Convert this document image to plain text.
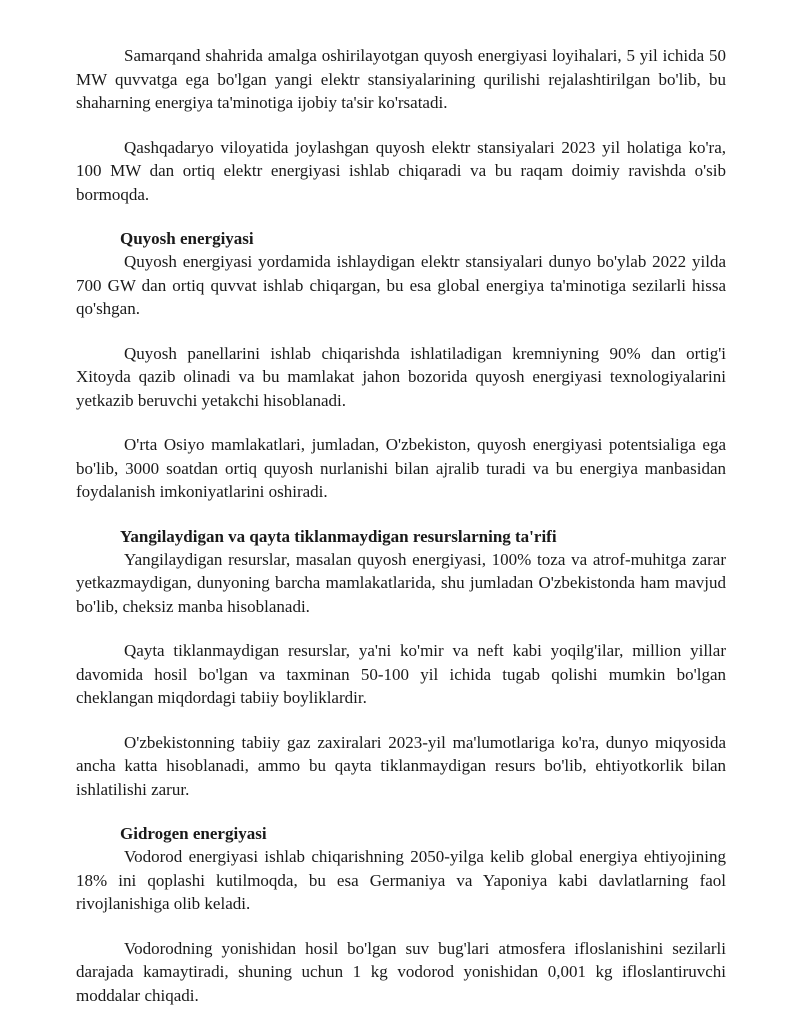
Samarqand shahrida amalga oshirilayotgan quyosh energiyasi loyihalari, 5 yil ichida 50 MW quvvatga ega bo'lgan yangi elektr stansiyalarining qurilishi rejalashtirilgan bo'lib, bu shaharning energiya ta'minotiga ijobiy ta'sir ko'rsatadi.

Qashqadaryo viloyatida joylashgan quyosh elektr stansiyalari 2023 yil holatiga ko'ra, 100 MW dan ortiq elektr energiyasi ishlab chiqaradi va bu raqam doimiy ravishda o'sib bormoqda.

Quyosh energiyasi

Quyosh energiyasi yordamida ishlaydigan elektr stansiyalari dunyo bo'ylab 2022 yilda 700 GW dan ortiq quvvat ishlab chiqargan, bu esa global energiya ta'minotiga sezilarli hissa qo'shgan.

Quyosh panellarini ishlab chiqarishda ishlatiladigan kremniyning 90% dan ortig'i Xitoyda qazib olinadi va bu mamlakat jahon bozorida quyosh energiyasi texnologiyalarini yetkazib beruvchi yetakchi hisoblanadi.

O'rta Osiyo mamlakatlari, jumladan, O'zbekiston, quyosh energiyasi potentsialiga ega bo'lib, 3000 soatdan ortiq quyosh nurlanishi bilan ajralib turadi va bu energiya manbasidan foydalanish imkoniyatlarini oshiradi.

Yangilaydigan va qayta tiklanmaydigan resurslarning ta'rifi

Yangilaydigan resurslar, masalan quyosh energiyasi, 100% toza va atrof-muhitga zarar yetkazmaydigan, dunyoning barcha mamlakatlarida, shu jumladan O'zbekistonda ham mavjud bo'lib, cheksiz manba hisoblanadi.

Qayta tiklanmaydigan resurslar, ya'ni ko'mir va neft kabi yoqilg'ilar, million yillar davomida hosil bo'lgan va taxminan 50-100 yil ichida tugab qolishi mumkin bo'lgan cheklangan miqdordagi tabiiy boyliklardir.

O'zbekistonning tabiiy gaz zaxiralari 2023-yil ma'lumotlariga ko'ra, dunyo miqyosida ancha katta hisoblanadi, ammo bu qayta tiklanmaydigan resurs bo'lib, ehtiyotkorlik bilan ishlatilishi zarur.

Gidrogen energiyasi

Vodorod energiyasi ishlab chiqarishning 2050-yilga kelib global energiya ehtiyojining 18% ini qoplashi kutilmoqda, bu esa Germaniya va Yaponiya kabi davlatlarning faol rivojlanishiga olib keladi.

Vodorodning yonishidan hosil bo'lgan suv bug'lari atmosfera ifloslanishini sezilarli darajada kamaytiradi, shuning uchun 1 kg vodorod yonishidan 0,001 kg ifloslantiruvchi moddalar chiqadi.
